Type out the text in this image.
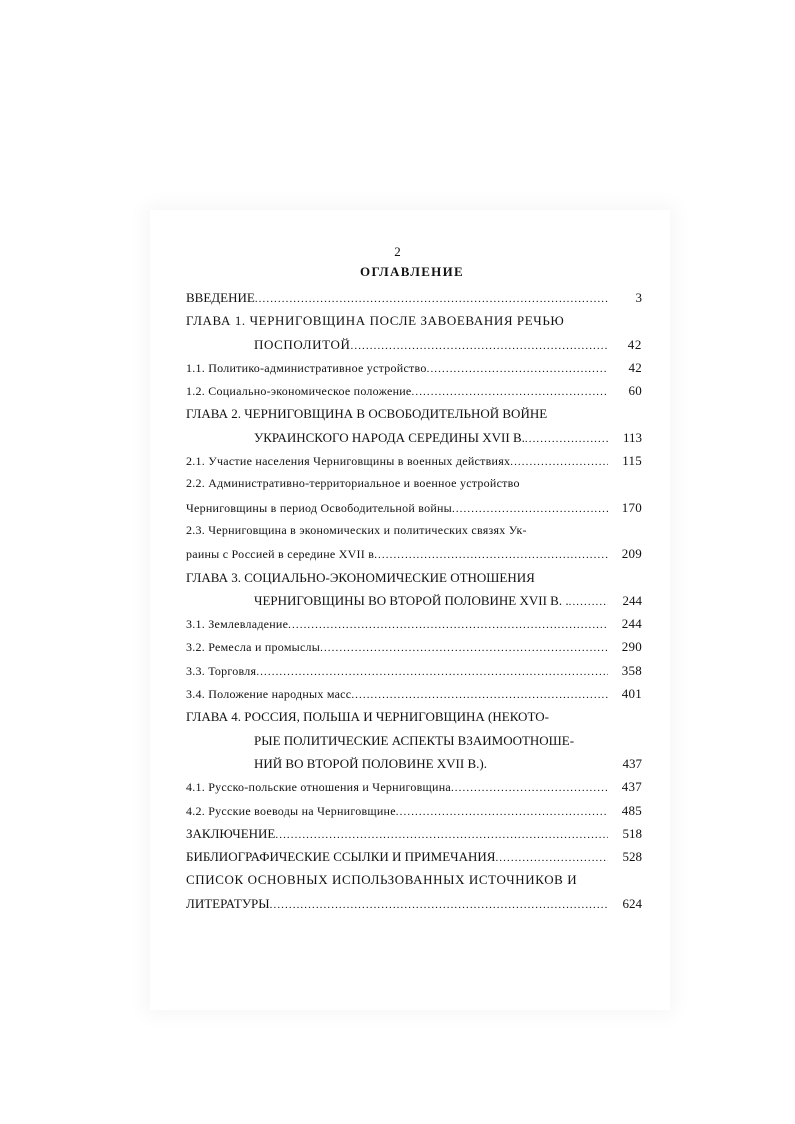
2
ОГЛАВЛЕНИЕ
ВВЕДЕНИЕ .....	3
ГЛАВА 1. ЧЕРНИГОВЩИНА ПОСЛЕ ЗАВОЕВАНИЯ РЕЧЬЮ
ПОСПОЛИТОЙ .....	42
1.1. Политико-административное устройство .....	42
1.2. Социально-экономическое положение .....	60
ГЛАВА 2. ЧЕРНИГОВЩИНА В ОСВОБОДИТЕЛЬНОЙ ВОЙНЕ
УКРАИНСКОГО НАРОДА СЕРЕДИНЫ XVII В. .....	113
2.1. Участие населения Черниговщины в военных действиях .....	115
2.2. Административно-территориальное и военное устройство
Черниговщины в период Освободительной войны .....	170
2.3. Черниговщина в экономических и политических связях Ук-
раины с Россией в середине XVII в .....	209
ГЛАВА 3. СОЦИАЛЬНО-ЭКОНОМИЧЕСКИЕ ОТНОШЕНИЯ
ЧЕРНИГОВЩИНЫ ВО ВТОРОЙ ПОЛОВИНЕ XVII В. . .....	244
3.1. Землевладение .....	244
3.2. Ремесла и промыслы .....	290
3.3. Торговля .....	358
3.4. Положение народных масс .....	401
ГЛАВА 4. РОССИЯ, ПОЛЬША И ЧЕРНИГОВЩИНА (НЕКОТО-
РЫЕ ПОЛИТИЧЕСКИЕ АСПЕКТЫ ВЗАИМООТНОШЕ-
НИЙ ВО ВТОРОЙ ПОЛОВИНЕ XVII В.).	437
4.1. Русско-польские отношения и Черниговщина .....	437
4.2. Русские воеводы на Черниговщине .....	485
ЗАКЛЮЧЕНИЕ .....	518
БИБЛИОГРАФИЧЕСКИЕ ССЫЛКИ И ПРИМЕЧАНИЯ .....	528
СПИСОК ОСНОВНЫХ ИСПОЛЬЗОВАННЫХ ИСТОЧНИКОВ И
ЛИТЕРАТУРЫ .....	624
